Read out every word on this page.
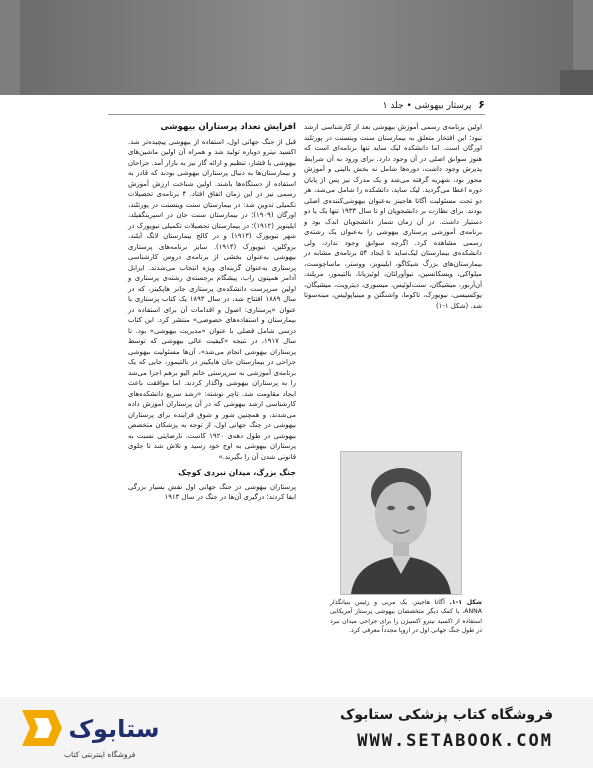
۶ پرستار بیهوشی • جلد ۱

اولین برنامه‌ی رسمی آموزش بیهوشی بعد از کارشناسی ارشد نبود؛ این افتخار متعلق به بیمارستان سنت وینسنت در پورتلند اورگان است. اما دانشکده لیک ساید تنها برنامه‌ای است که هنوز سوابق اصلی در آن وجود دارد. برای ورود به آن شرایط پذیرش وجود داشت، دوره‌ها شامل نه بخش بالینی و آموزش محور بود، شهریه گرفته می‌شد و یک مدرک نیز پس از پایان دوره اعطا می‌گردید. لیک ساید، دانشکده را شامل می‌شد، هر دو تحت مسئولیت آگاتا هاجینز به‌عنوان بیهوشی‌کننده‌ی اصلی بودند. برای نظارت بر دانشجویان او تا سال ۱۹۳۳ تنها یک یا دو دستیار داشت. در آن زمان شمار دانشجویان اندک بود و برنامه‌ی آموزشی پرستاری بیهوشی را به‌عنوان یک رشته‌ی رسمی مشاهده کرد. اگرچه سوابق وجود ندارد، ولی دانشکده‌ی بیمارستان لیک‌ساید تا ایجاد ۵۴ برنامه‌ی مشابه در بیمارستان‌های بزرگ شیکاگو، ایلینویز، ووستر، ماساچوست، میلواکی، ویسکانسین، نیوآورلئان، لوئیزیانا، بالتیمور، مریلند، آن‌آربور، میشیگان، سنت‌لوئیس، میسوری، دیترویت، میشیگان، پوکسیسی، نیویورک، تاکوما، واشنگتن و مینیاپولیس، مینه‌سوتا شد. (شکل ۱-۱)

افزایش تعداد پرستاران بیهوشی

قبل از جنگ جهانی اول، استفاده از بیهوشی پیچیده‌تر شد. اکسید نیترو دوباره تولید شد و همراه آن اولین ماشین‌های بیهوشی با فشار، تنظیم و ارائه گاز نیز به بازار آمد. جراحان و بیمارستان‌ها به دنبال پرستاران بیهوشی بودند که قادر به استفاده از دستگاه‌ها باشند. اولین شناخت ارزش آموزش رسمی نیز در این زمان اتفاق افتاد. ۴ برنامه‌ی تحصیلات تکمیلی تدوین شد: در بیمارستان سنت وینسنت در پورتلند، اورگان (۱۹۰۹)؛ در بیمارستان سنت جان در اسپرینگفیلد، ایلینویز (۱۹۱۲)؛ در بیمارستان تحصیلات تکمیلی نیویورک در شهر نیویورک (۱۹۱۳) و در کالج بیمارستان لانگ آیلند، بروکلین، نیویورک (۱۹۱۴). سایر برنامه‌های پرستاری بیهوشی به‌عنوان بخشی از برنامه‌ی دروس کارشناسی پرستاری به‌عنوان گزینه‌ای ویژه انتخاب می‌شدند. ایزابل آدامز همپتون راب، پیشگام برجسته‌ی رشته‌ی پرستاری و اولین سرپرست دانشکده‌ی پرستاری جانز هاپکینز، که در سال ۱۸۸۹ افتتاح شد، در سال ۱۸۹۳ یک کتاب پرستاری با عنوان «پرستاری: اصول و اقدامات آن برای استفاده در بیمارستان و استفاده‌های خصوصی» منتشر کرد. این کتاب درسی شامل فصلی با عنوان «مدیریت بیهوشی» بود. تا سال ۱۹۱۷، در نتیجه «کیفیت عالی بیهوشی که توسط پرستاران بیهوشی انجام می‌شد»، آن‌ها مسئولیت بیهوشی جراحی در بیمارستان جان هاپکینز در بالتیمور، جایی که یک برنامه‌ی آموزشی به سرپرستی خانم الیو برهم اجرا می‌شد را به پرستاران بیهوشی واگذار کردند. اما موافقت باعث ایجاد مقاومت شد. تاچر نوشته: «رشد سریع دانشکده‌های کارشناسی ارشد بیهوشی که در آن پرستاران آموزش داده می‌شدند، و همچنین شور و شوق فزاینده برای پرستاران بیهوشی در جنگ جهانی اول، از توجه به پزشکان متخصص بیهوشی در طول دهه‌ی ۱۹۲۰ کاست. نارضایتی نسبت به پرستاران بیهوشی به اوج خود رسید و تلاش شد تا جلوی قانونی شدن آن را بگیرند.»

جنگ بزرگ، میدان نبردی کوچک

پرستاران بیهوشی در جنگ جهانی اول نقش بسیار بزرگی ایفا کردند؛ درگیری آن‌ها در جنگ در سال ۱۹۱۳

شکل ۱-۱. آگاتا هاجینز، یک مربی و رئیس بنیانگذار ANNA، با کمک دیگر متخصصان بیهوشی پرستار آمریکایی استفاده از اکسید نیترو اکسیژن را برای جراحی میدان نبرد در طول جنگ جهانی اول در اروپا مجدداً معرفی کرد.
فروشگاه کتاب پزشکی ستابوک
WWW.SETABOOK.COM
ستابوک
فروشگاه اینترنتی کتاب
